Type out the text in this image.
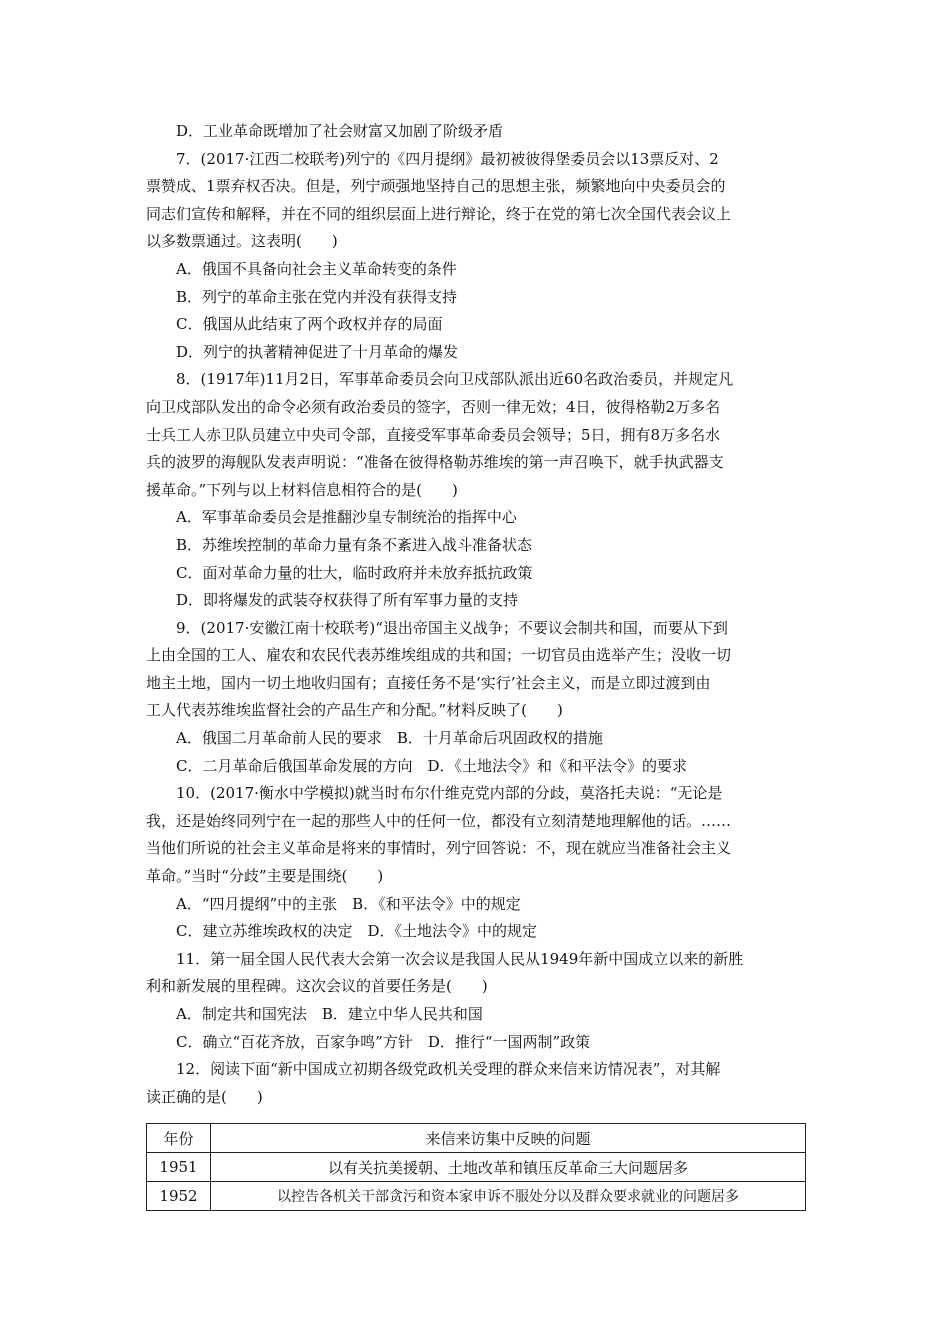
D．工业革命既增加了社会财富又加剧了阶级矛盾
7．(2017·江西二校联考)列宁的《四月提纲》最初被彼得堡委员会以13票反对、2
票赞成、1票弃权否决。但是，列宁顽强地坚持自己的思想主张，频繁地向中央委员会的
同志们宣传和解释，并在不同的组织层面上进行辩论，终于在党的第七次全国代表会议上
以多数票通过。这表明(　　)
A．俄国不具备向社会主义革命转变的条件
B．列宁的革命主张在党内并没有获得支持
C．俄国从此结束了两个政权并存的局面
D．列宁的执著精神促进了十月革命的爆发
8．(1917年)11月2日，军事革命委员会向卫戍部队派出近60名政治委员，并规定凡
向卫戍部队发出的命令必须有政治委员的签字，否则一律无效；4日，彼得格勒2万多名
士兵工人赤卫队员建立中央司令部，直接受军事革命委员会领导；5日，拥有8万多名水
兵的波罗的海舰队发表声明说：“准备在彼得格勒苏维埃的第一声召唤下，就手执武器支
援革命。”下列与以上材料信息相符合的是(　　)
A．军事革命委员会是推翻沙皇专制统治的指挥中心
B．苏维埃控制的革命力量有条不紊进入战斗准备状态
C．面对革命力量的壮大，临时政府并未放弃抵抗政策
D．即将爆发的武装夺权获得了所有军事力量的支持
9．(2017·安徽江南十校联考)“退出帝国主义战争；不要议会制共和国，而要从下到
上由全国的工人、雇农和农民代表苏维埃组成的共和国；一切官员由选举产生；没收一切
地主土地，国内一切土地收归国有；直接任务不是‘实行’社会主义，而是立即过渡到由
工人代表苏维埃监督社会的产品生产和分配。”材料反映了(　　)
A．俄国二月革命前人民的要求　B．十月革命后巩固政权的措施
C．二月革命后俄国革命发展的方向　D．《土地法令》和《和平法令》的要求
10．(2017·衡水中学模拟)就当时布尔什维克党内部的分歧，莫洛托夫说：“无论是
我，还是始终同列宁在一起的那些人中的任何一位，都没有立刻清楚地理解他的话。……
当他们所说的社会主义革命是将来的事情时，列宁回答说：不，现在就应当准备社会主义
革命。”当时“分歧”主要是围绕(　　)
A．“四月提纲”中的主张　B．《和平法令》中的规定
C．建立苏维埃政权的决定　D．《土地法令》中的规定
11．第一届全国人民代表大会第一次会议是我国人民从1949年新中国成立以来的新胜
利和新发展的里程碑。这次会议的首要任务是(　　)
A．制定共和国宪法　B．建立中华人民共和国
C．确立“百花齐放，百家争鸣”方针　D．推行“一国两制”政策
12．阅读下面“新中国成立初期各级党政机关受理的群众来信来访情况表”，对其解
读正确的是(　　)
年份	来信来访集中反映的问题
1951	以有关抗美援朝、土地改革和镇压反革命三大问题居多
1952	以控告各机关干部贪污和资本家申诉不服处分以及群众要求就业的问题居多
